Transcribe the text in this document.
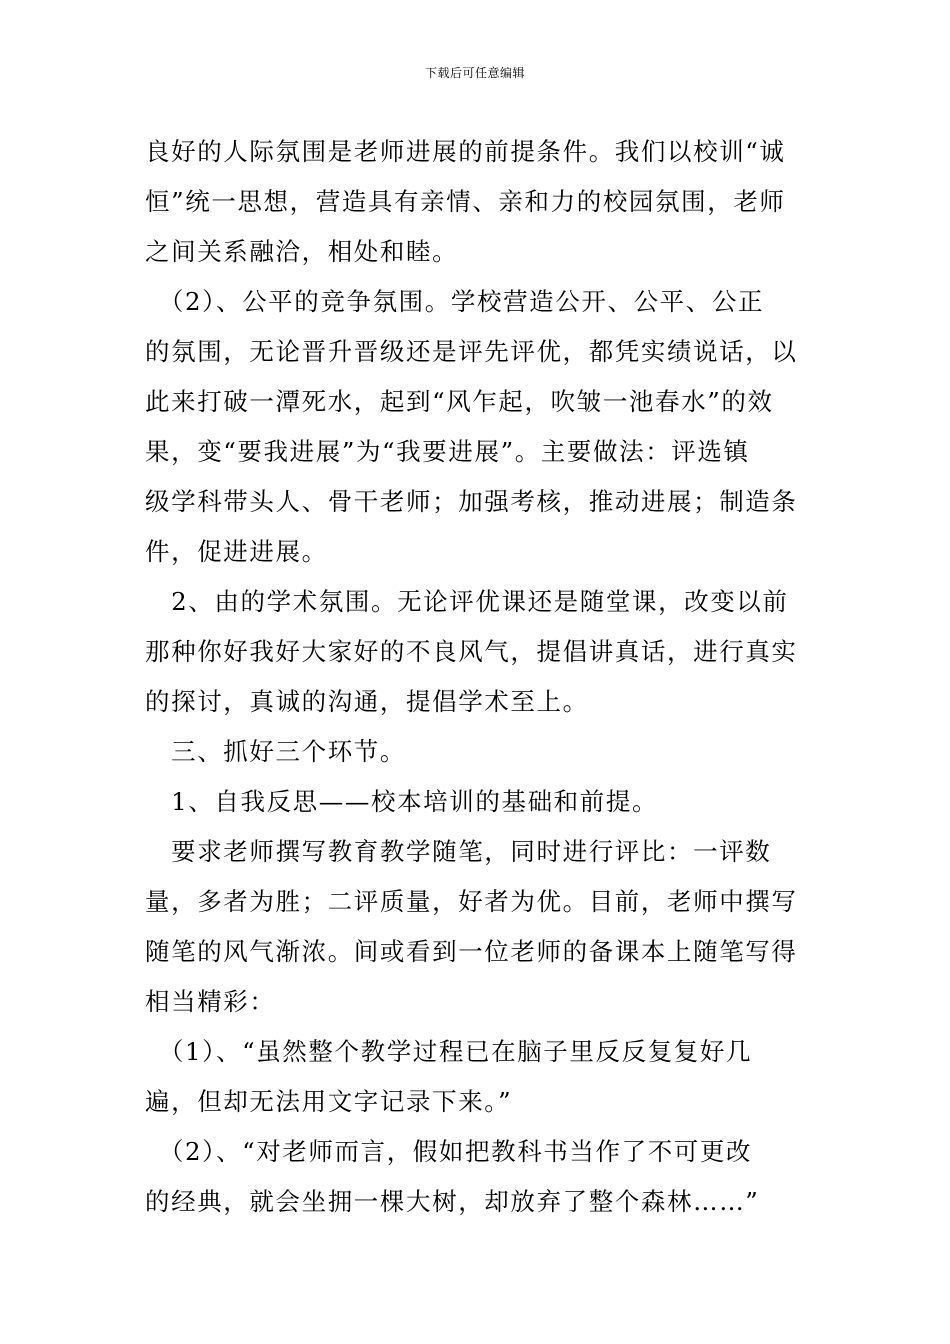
下载后可任意编辑
良好的人际氛围是老师进展的前提条件。我们以校训“诚
恒”统一思想，营造具有亲情、亲和力的校园氛围，老师
之间关系融洽，相处和睦。
　（2）、公平的竞争氛围。学校营造公开、公平、公正
的氛围，无论晋升晋级还是评先评优，都凭实绩说话，以
此来打破一潭死水，起到“风乍起，吹皱一池春水”的效
果，变“要我进展”为“我要进展”。主要做法：评选镇
级学科带头人、骨干老师；加强考核，推动进展；制造条
件，促进进展。
　2、由的学术氛围。无论评优课还是随堂课，改变以前
那种你好我好大家好的不良风气，提倡讲真话，进行真实
的探讨，真诚的沟通，提倡学术至上。
　三、抓好三个环节。
　1、自我反思——校本培训的基础和前提。
　要求老师撰写教育教学随笔，同时进行评比：一评数
量，多者为胜；二评质量，好者为优。目前，老师中撰写
随笔的风气渐浓。间或看到一位老师的备课本上随笔写得
相当精彩：
　（1）、“虽然整个教学过程已在脑子里反反复复好几
遍，但却无法用文字记录下来。”
　（2）、“对老师而言，假如把教科书当作了不可更改
的经典，就会坐拥一棵大树，却放弃了整个森林……”
